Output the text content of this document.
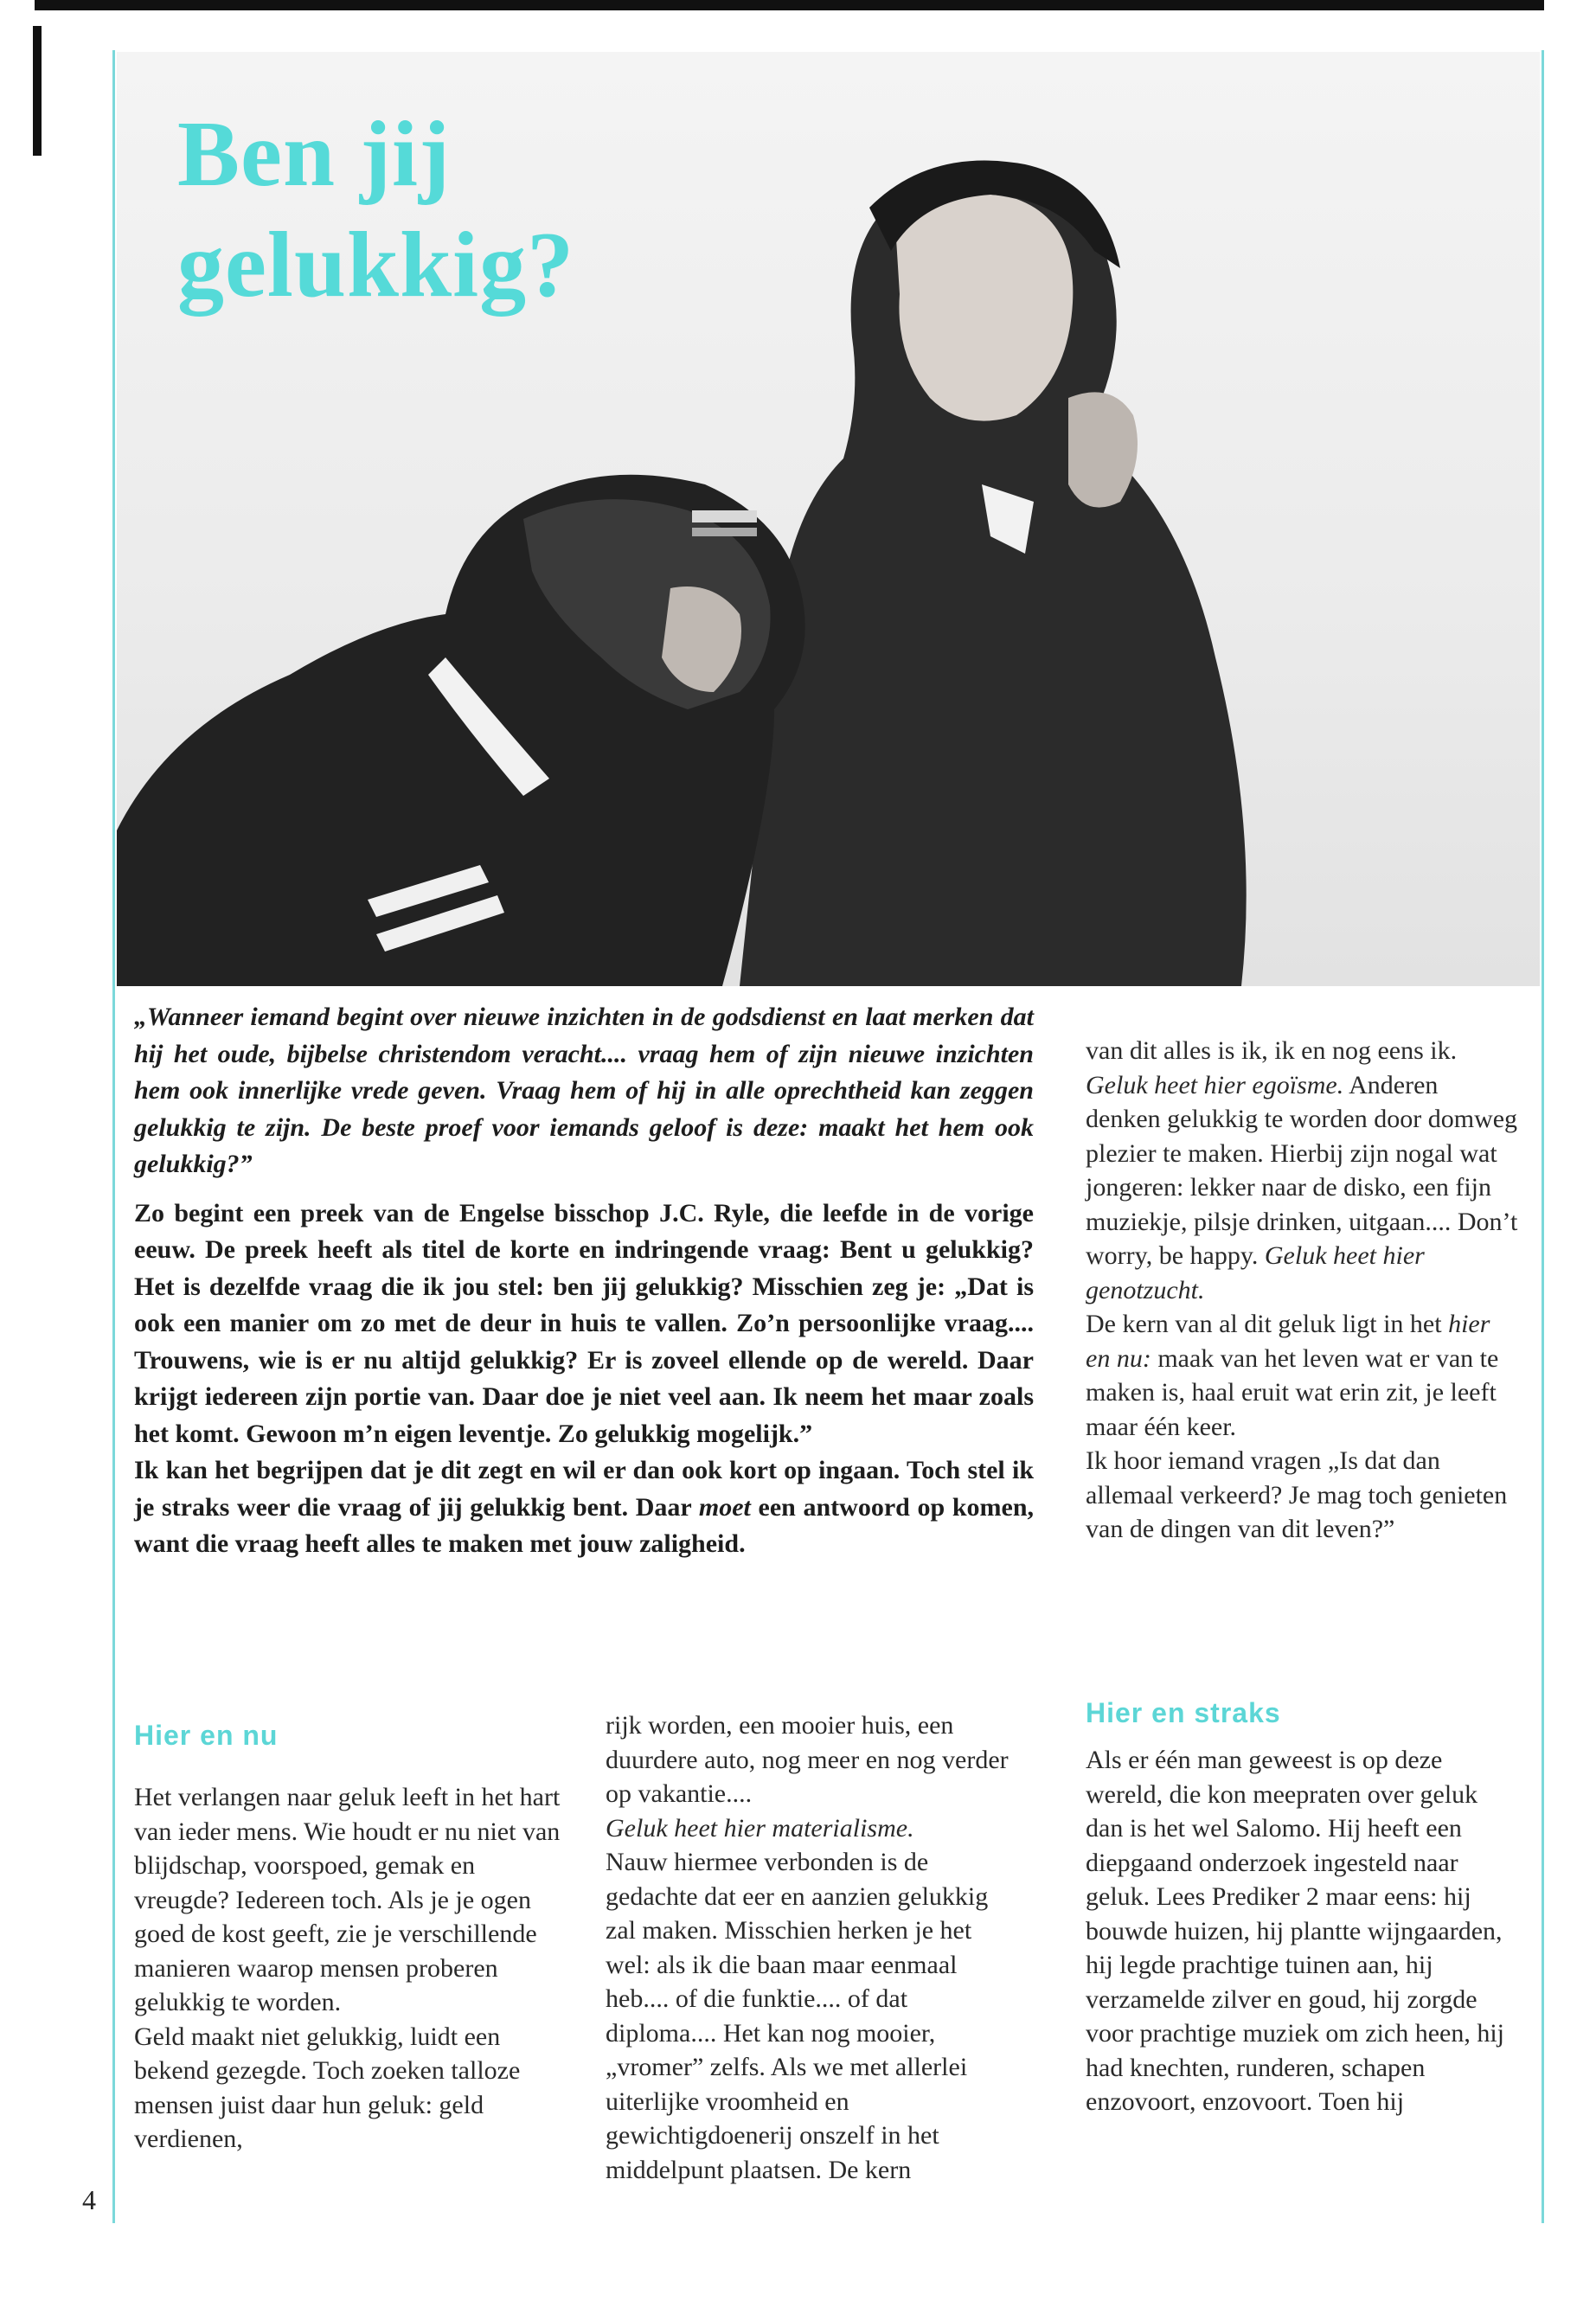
Ben jij
gelukkig?

„Wanneer iemand begint over nieuwe inzichten in de godsdienst en laat merken dat hij het oude, bijbelse christendom veracht.... vraag hem of zijn nieuwe inzichten hem ook innerlijke vrede geven. Vraag hem of hij in alle oprechtheid kan zeggen gelukkig te zijn. De beste proef voor iemands geloof is deze: maakt het hem ook gelukkig?”

Zo begint een preek van de Engelse bisschop J.C. Ryle, die leefde in de vorige eeuw. De preek heeft als titel de korte en indringende vraag: Bent u gelukkig? Het is dezelfde vraag die ik jou stel: ben jij gelukkig? Misschien zeg je: „Dat is ook een manier om zo met de deur in huis te vallen. Zo’n persoonlijke vraag.... Trouwens, wie is er nu altijd gelukkig? Er is zoveel ellende op de wereld. Daar krijgt iedereen zijn portie van. Daar doe je niet veel aan. Ik neem het maar zoals het komt. Gewoon m’n eigen leventje. Zo gelukkig mogelijk.”

Ik kan het begrijpen dat je dit zegt en wil er dan ook kort op ingaan. Toch stel ik je straks weer die vraag of jij gelukkig bent. Daar moet een antwoord op komen, want die vraag heeft alles te maken met jouw zaligheid.

Hier en nu

Het verlangen naar geluk leeft in het hart van ieder mens. Wie houdt er nu niet van blijdschap, voorspoed, gemak en vreugde? Iedereen toch. Als je je ogen goed de kost geeft, zie je verschillende manieren waarop mensen proberen gelukkig te worden.

Geld maakt niet gelukkig, luidt een bekend gezegde. Toch zoeken talloze mensen juist daar hun geluk: geld verdienen,

rijk worden, een mooier huis, een duurdere auto, nog meer en nog verder op vakantie....

Geluk heet hier materialisme.

Nauw hiermee verbonden is de gedachte dat eer en aanzien gelukkig zal maken. Misschien herken je het wel: als ik die baan maar eenmaal heb.... of die funktie.... of dat diploma.... Het kan nog mooier, „vromer” zelfs. Als we met allerlei uiterlijke vroomheid en gewichtigdoenerij onszelf in het middelpunt plaatsen. De kern

van dit alles is ik, ik en nog eens ik. Geluk heet hier egoïsme. Anderen denken gelukkig te worden door domweg plezier te maken. Hierbij zijn nogal wat jongeren: lekker naar de disko, een fijn muziekje, pilsje drinken, uitgaan.... Don’t worry, be happy. Geluk heet hier genotzucht.

De kern van al dit geluk ligt in het hier en nu: maak van het leven wat er van te maken is, haal eruit wat erin zit, je leeft maar één keer.

Ik hoor iemand vragen „Is dat dan allemaal verkeerd? Je mag toch genieten van de dingen van dit leven?”

Hier en straks

Als er één man geweest is op deze wereld, die kon meepraten over geluk dan is het wel Salomo. Hij heeft een diepgaand onderzoek ingesteld naar geluk. Lees Prediker 2 maar eens: hij bouwde huizen, hij plantte wijngaarden, hij legde prachtige tuinen aan, hij verzamelde zilver en goud, hij zorgde voor prachtige muziek om zich heen, hij had knechten, runderen, schapen enzovoort, enzovoort. Toen hij

4
